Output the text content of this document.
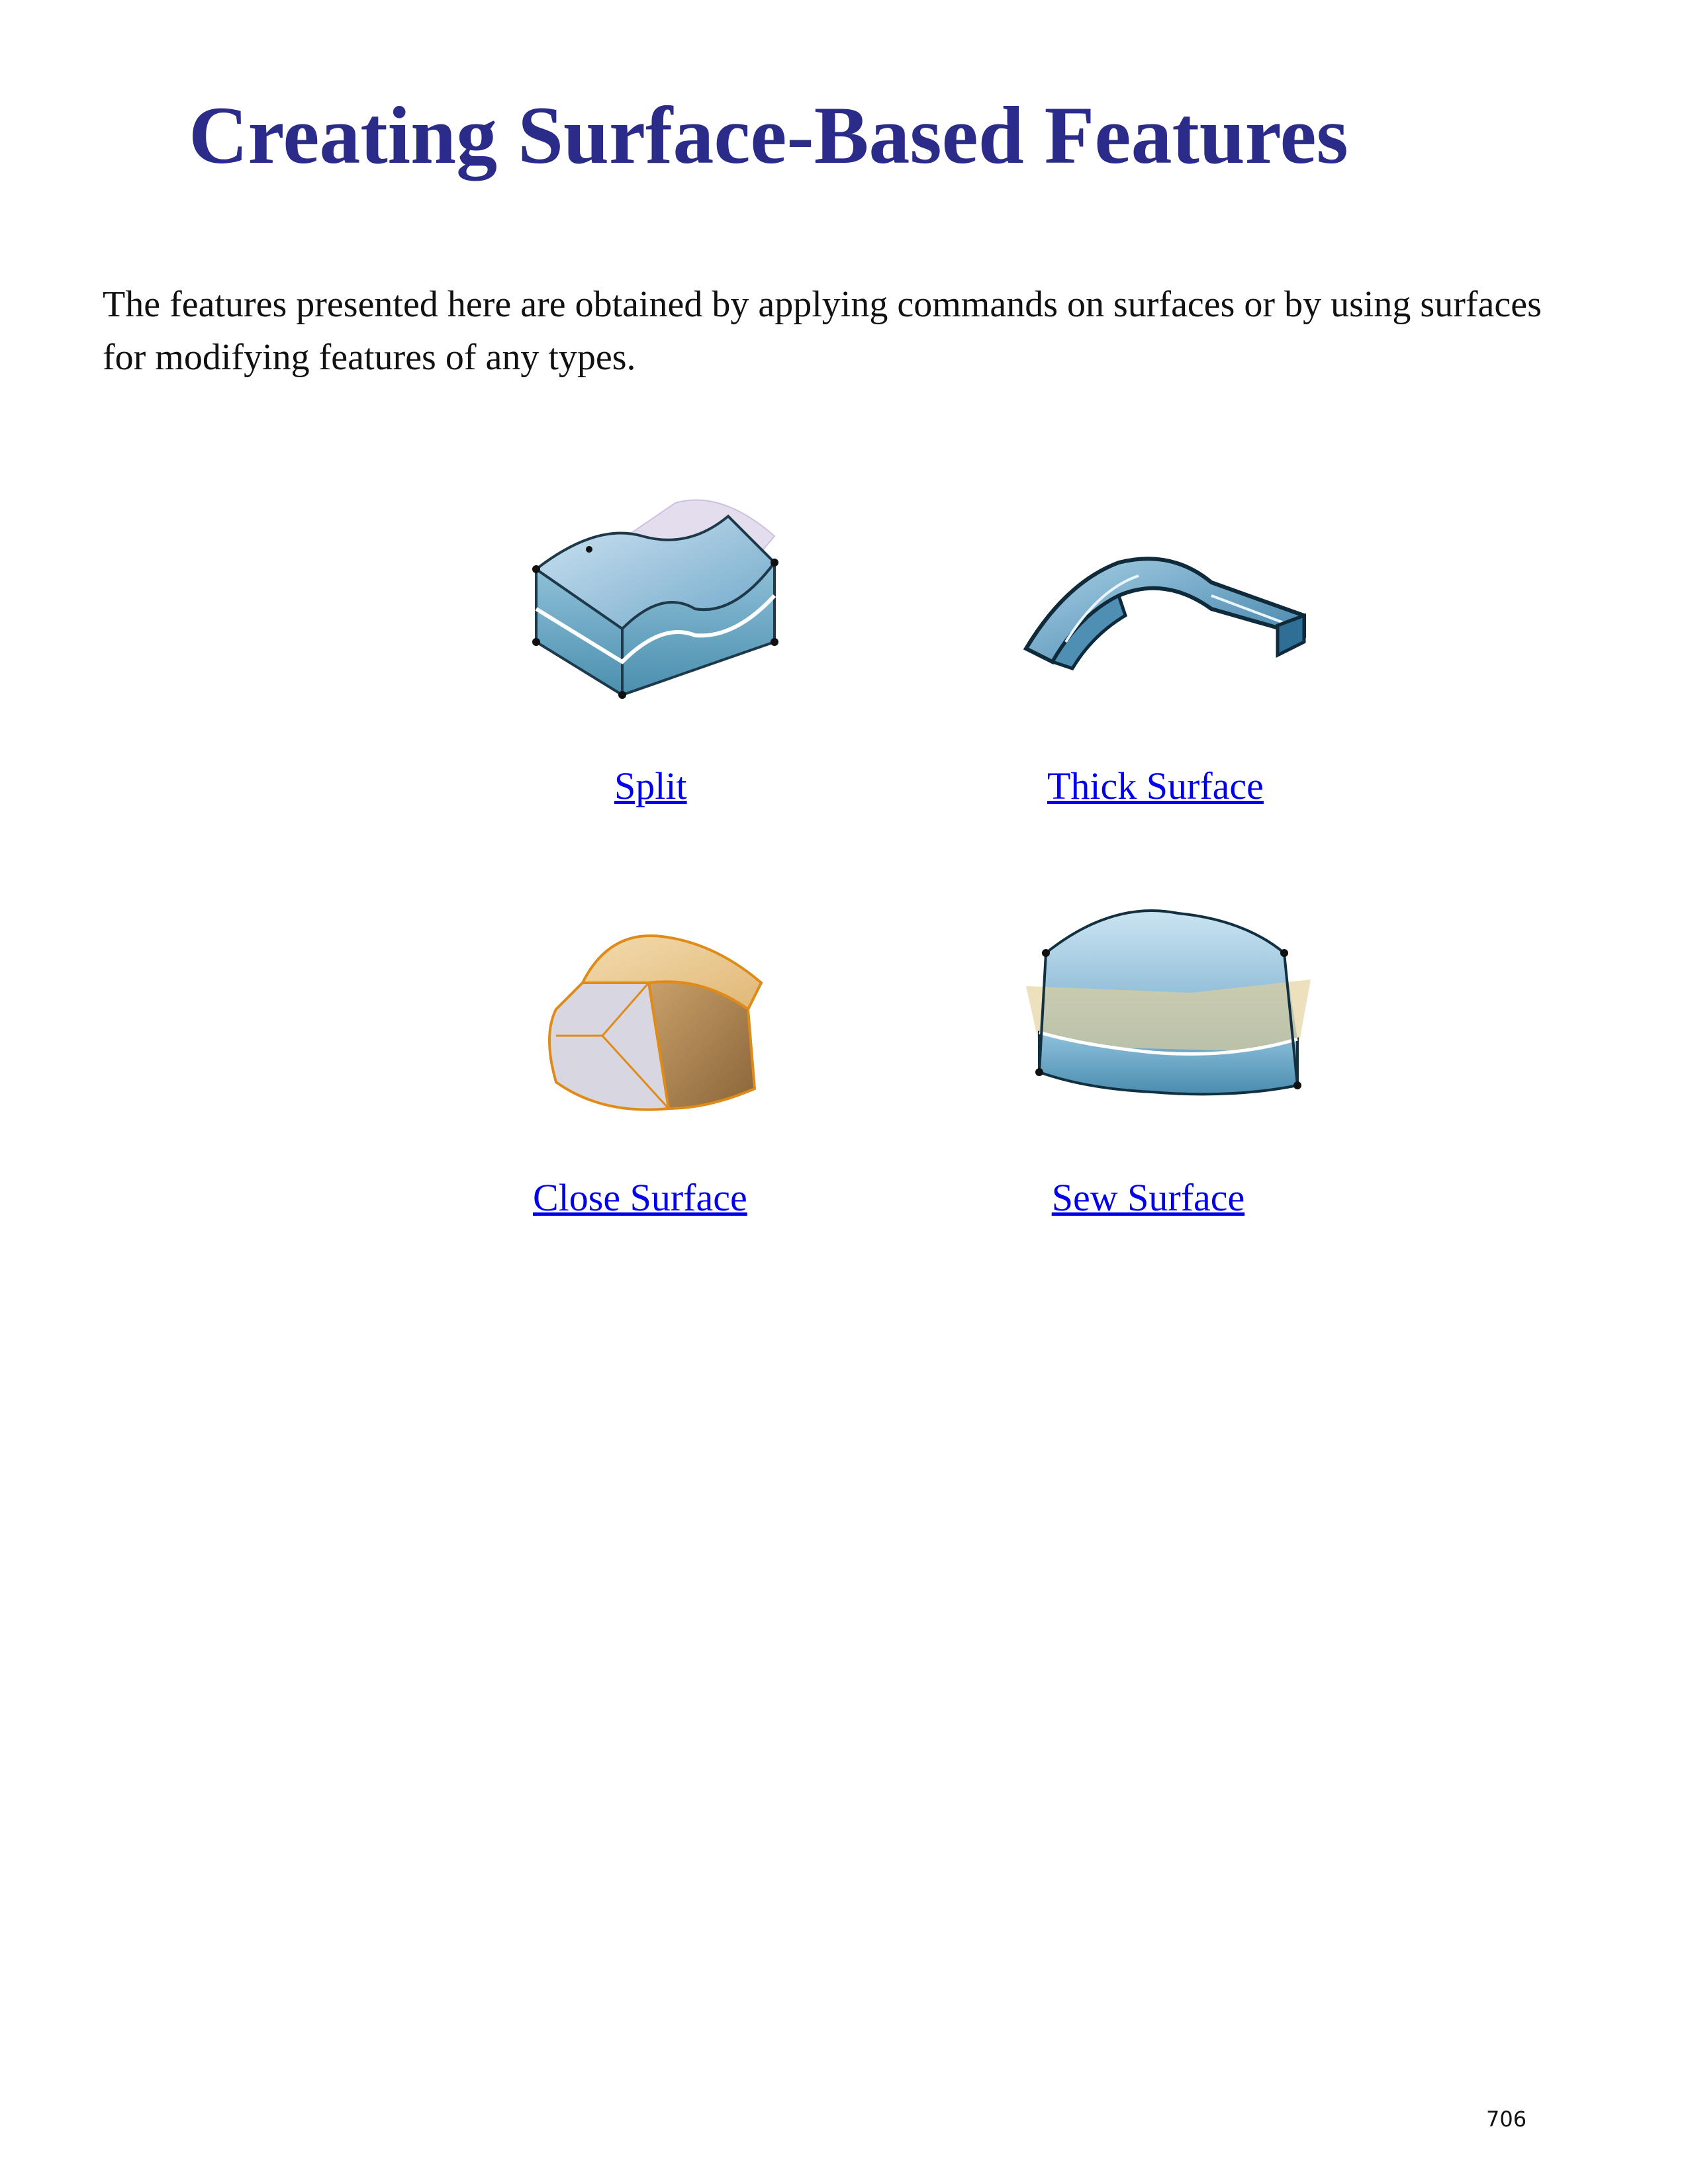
Creating Surface-Based Features

The features presented here are obtained by applying commands on surfaces or by using surfaces for modifying features of any types.

Split	Thick Surface
Close Surface	Sew Surface
706
